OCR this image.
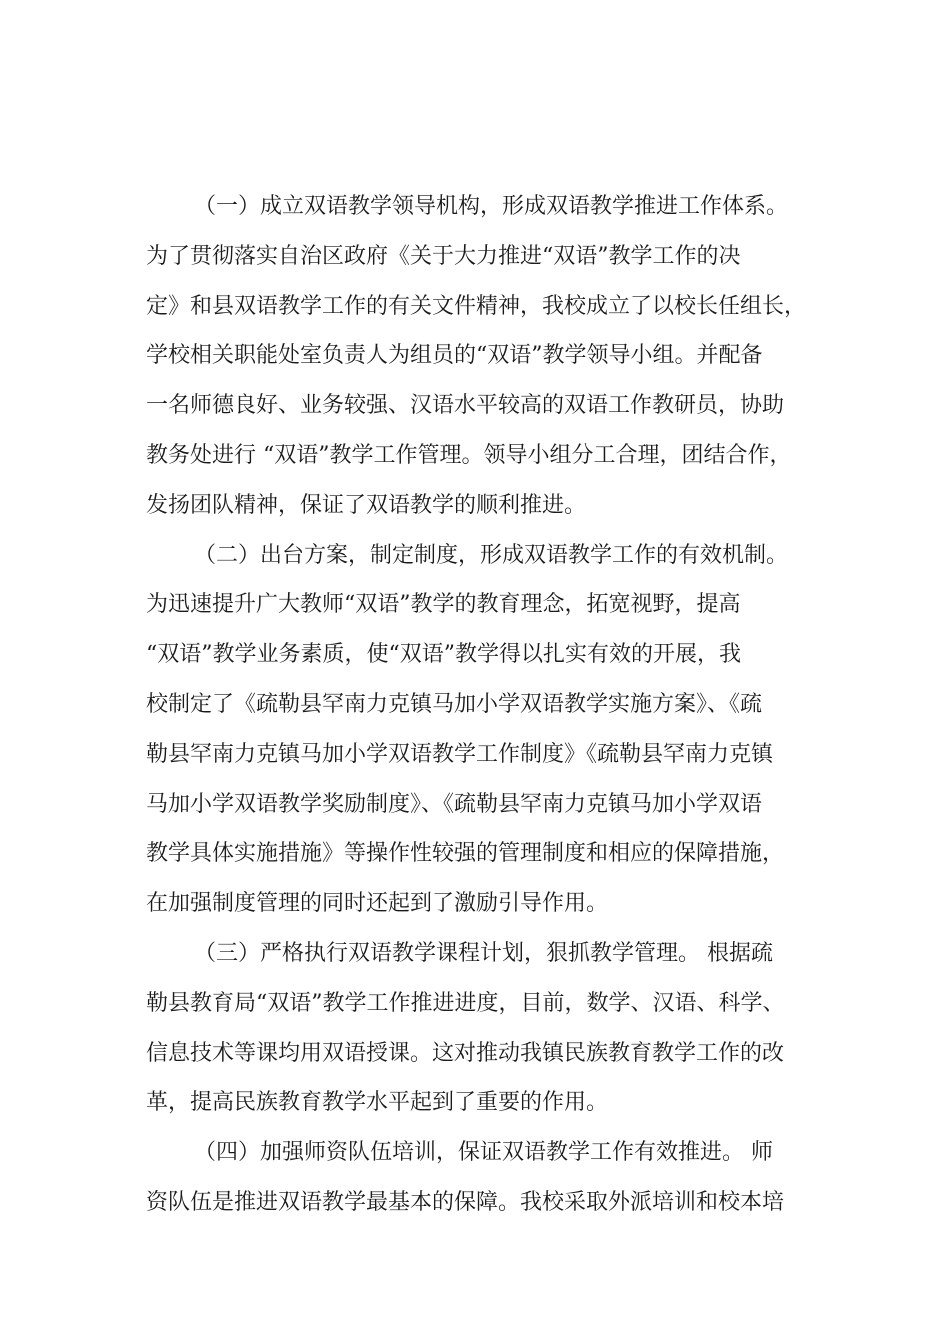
（一）成立双语教学领导机构，形成双语教学推进工作体系。
为了贯彻落实自治区政府《关于大力推进“双语”教学工作的决
定》和县双语教学工作的有关文件精神，我校成立了以校长任组长，
学校相关职能处室负责人为组员的“双语”教学领导小组。并配备
一名师德良好、业务较强、汉语水平较高的双语工作教研员，协助
教务处进行 “双语”教学工作管理。领导小组分工合理，团结合作，
发扬团队精神，保证了双语教学的顺利推进。
（二）出台方案，制定制度，形成双语教学工作的有效机制。
为迅速提升广大教师“双语”教学的教育理念，拓宽视野，提高
“双语”教学业务素质，使“双语”教学得以扎实有效的开展，我
校制定了《疏勒县罕南力克镇马加小学双语教学实施方案》、《疏
勒县罕南力克镇马加小学双语教学工作制度》《疏勒县罕南力克镇
马加小学双语教学奖励制度》、《疏勒县罕南力克镇马加小学双语
教学具体实施措施》等操作性较强的管理制度和相应的保障措施，
在加强制度管理的同时还起到了激励引导作用。
（三）严格执行双语教学课程计划，狠抓教学管理。 根据疏
勒县教育局“双语”教学工作推进进度，目前，数学、汉语、科学、
信息技术等课均用双语授课。这对推动我镇民族教育教学工作的改
革，提高民族教育教学水平起到了重要的作用。
（四）加强师资队伍培训，保证双语教学工作有效推进。 师
资队伍是推进双语教学最基本的保障。我校采取外派培训和校本培
